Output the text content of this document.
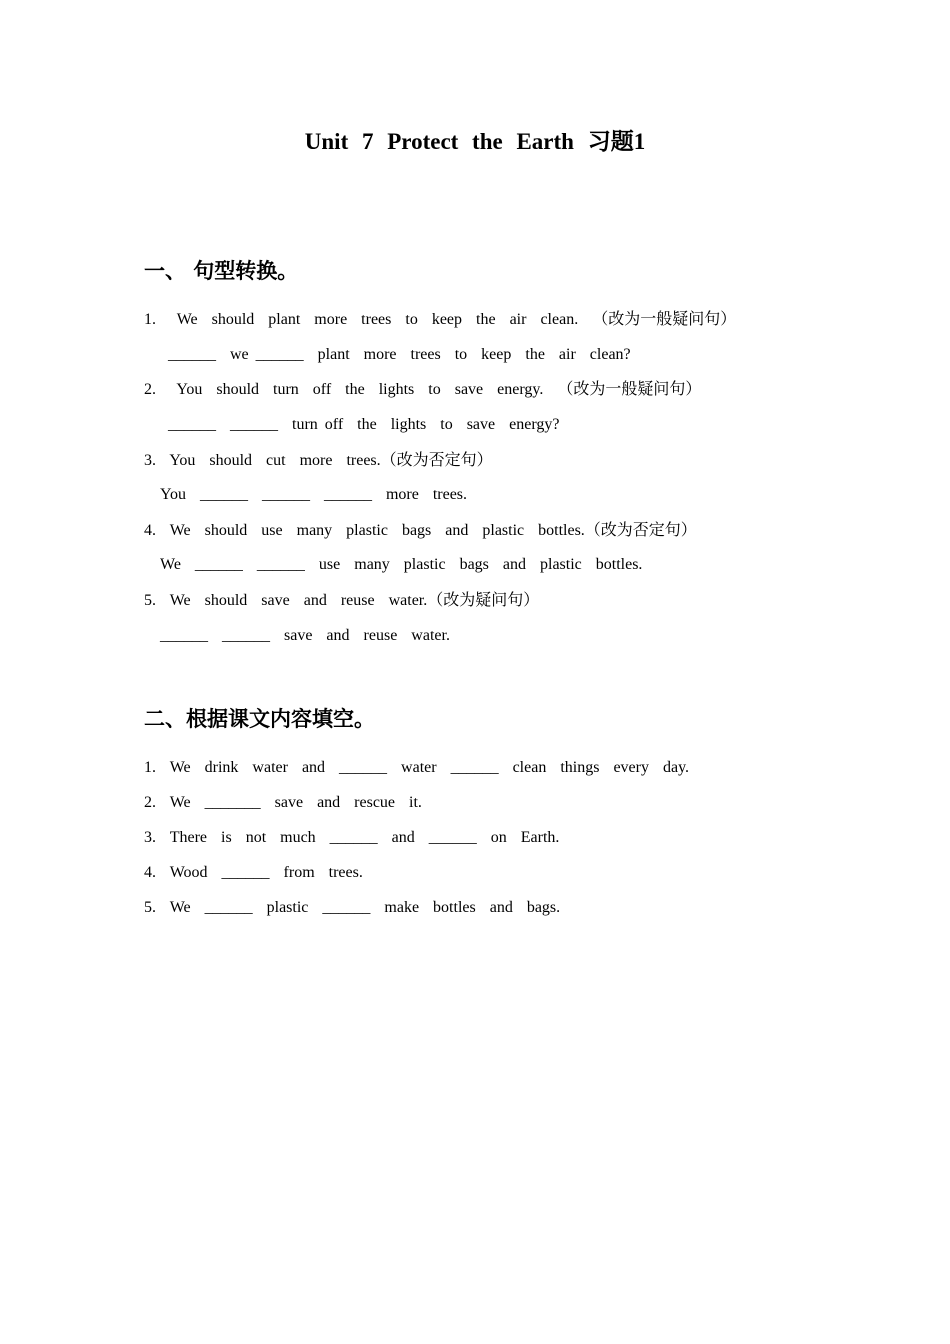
Unit 7 Protect the Earth 习题1
一、 句型转换。
1.   We  should  plant  more  trees  to  keep  the  air  clean.  （改为一般疑问句）
______  we ______  plant  more  trees  to  keep  the  air  clean?
2.   You  should  turn  off  the  lights  to  save  energy.  （改为一般疑问句）
______  ______  turn off  the  lights  to  save  energy?
3.  You  should  cut  more  trees.（改为否定句）
You  ______  ______  ______  more  trees.
4.  We  should  use  many  plastic  bags  and  plastic  bottles.（改为否定句）
We  ______  ______  use  many  plastic  bags  and  plastic  bottles.
5.  We  should  save  and  reuse  water.（改为疑问句）
______  ______  save  and  reuse  water.
二、根据课文内容填空。
1.  We  drink  water  and  ______  water  ______  clean  things  every  day.
2.  We  _______  save  and  rescue  it.
3.  There  is  not  much  ______  and  ______  on  Earth.
4.  Wood  ______  from  trees.
5.  We  ______  plastic  ______  make  bottles  and  bags.
